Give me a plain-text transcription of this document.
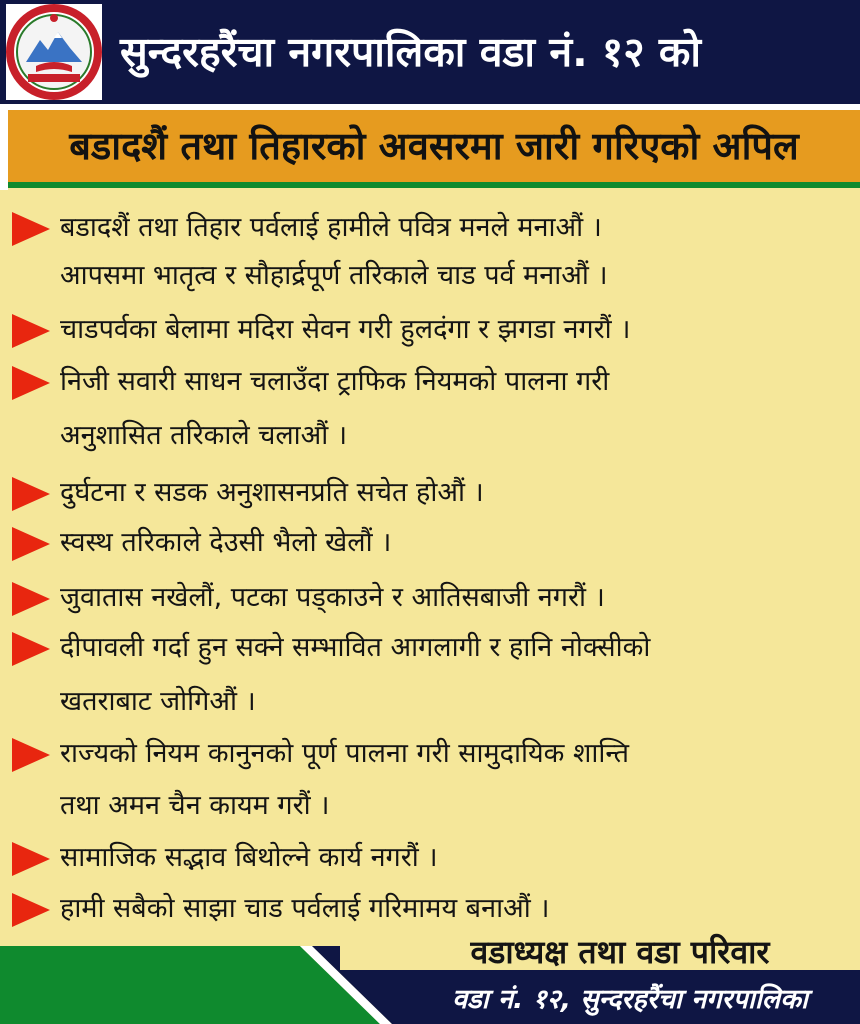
सुन्दरहरैंचा नगरपालिका वडा नं. १२ को
बडादशैं तथा तिहारको अवसरमा जारी गरिएको अपिल
बडादशैं तथा तिहार पर्वलाई हामीले पवित्र मनले मनाऔं ।
आपसमा भातृत्व र सौहार्द्रपूर्ण तरिकाले चाड पर्व मनाऔं ।
चाडपर्वका बेलामा मदिरा सेवन गरी हुलदंगा र झगडा नगरौं ।
निजी सवारी साधन चलाउँदा ट्राफिक नियमको पालना गरी
अनुशासित तरिकाले चलाऔं ।
दुर्घटना र सडक अनुशासनप्रति सचेत होऔं ।
स्वस्थ तरिकाले देउसी भैलो खेलौं ।
जुवातास नखेलौं, पटका पड्काउने र आतिसबाजी नगरौं ।
दीपावली गर्दा हुन सक्ने सम्भावित आगलागी र हानि नोक्सीको
खतराबाट जोगिऔं ।
राज्यको नियम कानुनको पूर्ण पालना गरी सामुदायिक शान्ति
तथा अमन चैन कायम गरौं ।
सामाजिक सद्भाव बिथोल्ने कार्य नगरौं ।
हामी सबैको साझा चाड पर्वलाई गरिमामय बनाऔं ।
वडाध्यक्ष तथा वडा परिवार
वडा नं. १२, सुन्दरहरैंचा नगरपालिका
